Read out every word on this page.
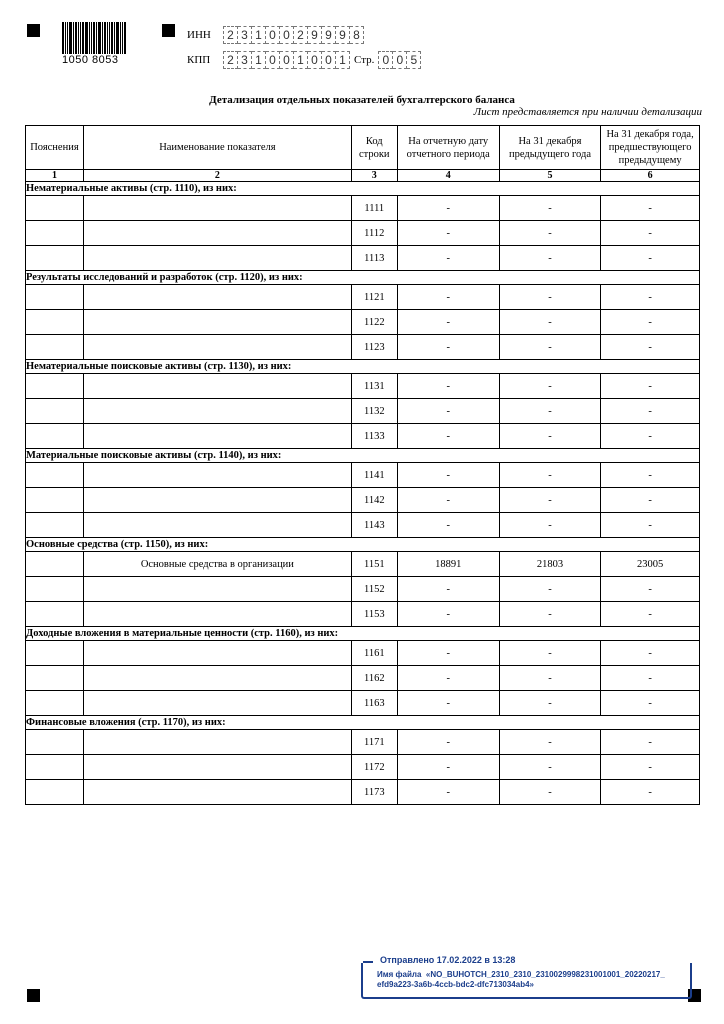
1050 8053
ИНН	2 3 1 0 0 2 9 9 9 8
КПП	2 3 1 0 0 1 0 0 1 Стр. 0 0 5
Детализация отдельных показателей бухгалтерского баланса
Лист представляется при наличии детализации
Пояснения	Наименование показателя	Код строки	На отчетную дату отчетного периода	На 31 декабря предыдущего года	На 31 декабря года, предшествующего предыдущему
1	2	3	4	5	6
Нематериальные активы (стр. 1110), из них:					
		1111	-	-	-
		1112	-	-	-
		1113	-	-	-
Результаты исследований и разработок (стр. 1120), из них:					
		1121	-	-	-
		1122	-	-	-
		1123	-	-	-
Нематериальные поисковые активы (стр. 1130), из них:					
		1131	-	-	-
		1132	-	-	-
		1133	-	-	-
Материальные поисковые активы (стр. 1140), из них:					
		1141	-	-	-
		1142	-	-	-
		1143	-	-	-
Основные средства (стр. 1150), из них:					
	Основные средства в организации	1151	18891	21803	23005
		1152	-	-	-
		1153	-	-	-
Доходные вложения в материальные ценности (стр. 1160), из них:					
		1161	-	-	-
		1162	-	-	-
		1163	-	-	-
Финансовые вложения (стр. 1170), из них:					
		1171	-	-	-
		1172	-	-	-
		1173	-	-	-
Отправлено 17.02.2022 в 13:28
Имя файла «NO_BUHOTCH_2310_2310_2310029998231001001_20220217_
efd9a223-3a6b-4ccb-bdc2-dfc713034ab4»
